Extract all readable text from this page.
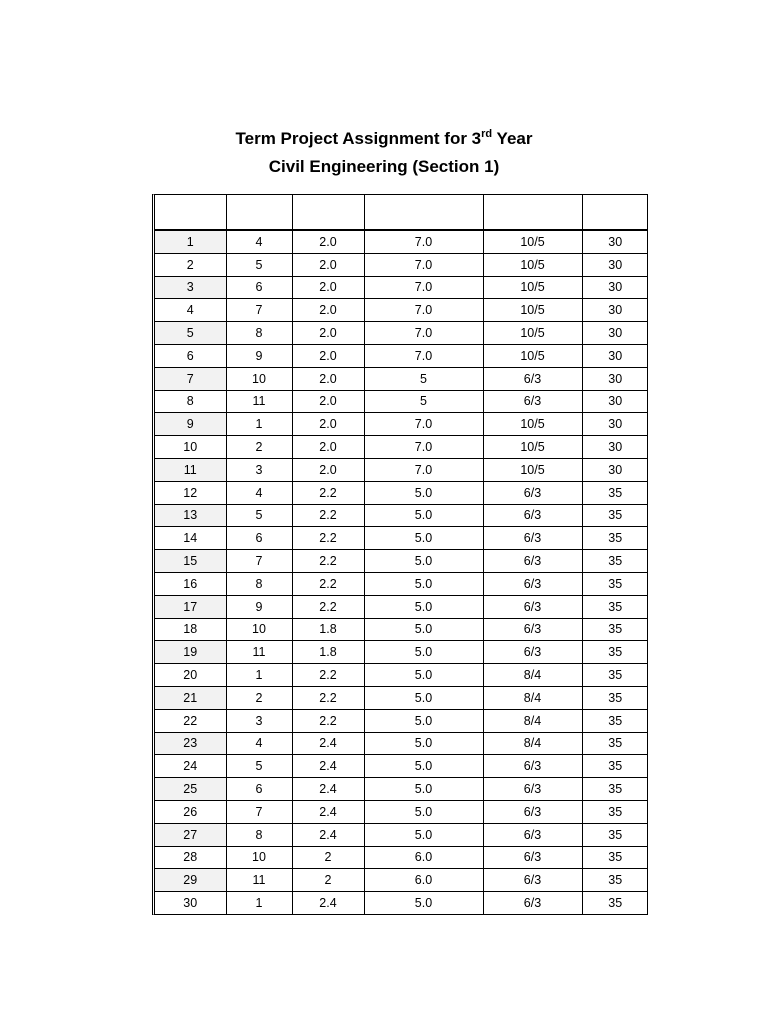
Term Project Assignment for 3rd Year
Civil Engineering (Section 1)

1	4	2.0	7.0	10/5	30
2	5	2.0	7.0	10/5	30
3	6	2.0	7.0	10/5	30
4	7	2.0	7.0	10/5	30
5	8	2.0	7.0	10/5	30
6	9	2.0	7.0	10/5	30
7	10	2.0	5	6/3	30
8	11	2.0	5	6/3	30
9	1	2.0	7.0	10/5	30
10	2	2.0	7.0	10/5	30
11	3	2.0	7.0	10/5	30
12	4	2.2	5.0	6/3	35
13	5	2.2	5.0	6/3	35
14	6	2.2	5.0	6/3	35
15	7	2.2	5.0	6/3	35
16	8	2.2	5.0	6/3	35
17	9	2.2	5.0	6/3	35
18	10	1.8	5.0	6/3	35
19	11	1.8	5.0	6/3	35
20	1	2.2	5.0	8/4	35
21	2	2.2	5.0	8/4	35
22	3	2.2	5.0	8/4	35
23	4	2.4	5.0	8/4	35
24	5	2.4	5.0	6/3	35
25	6	2.4	5.0	6/3	35
26	7	2.4	5.0	6/3	35
27	8	2.4	5.0	6/3	35
28	10	2	6.0	6/3	35
29	11	2	6.0	6/3	35
30	1	2.4	5.0	6/3	35
